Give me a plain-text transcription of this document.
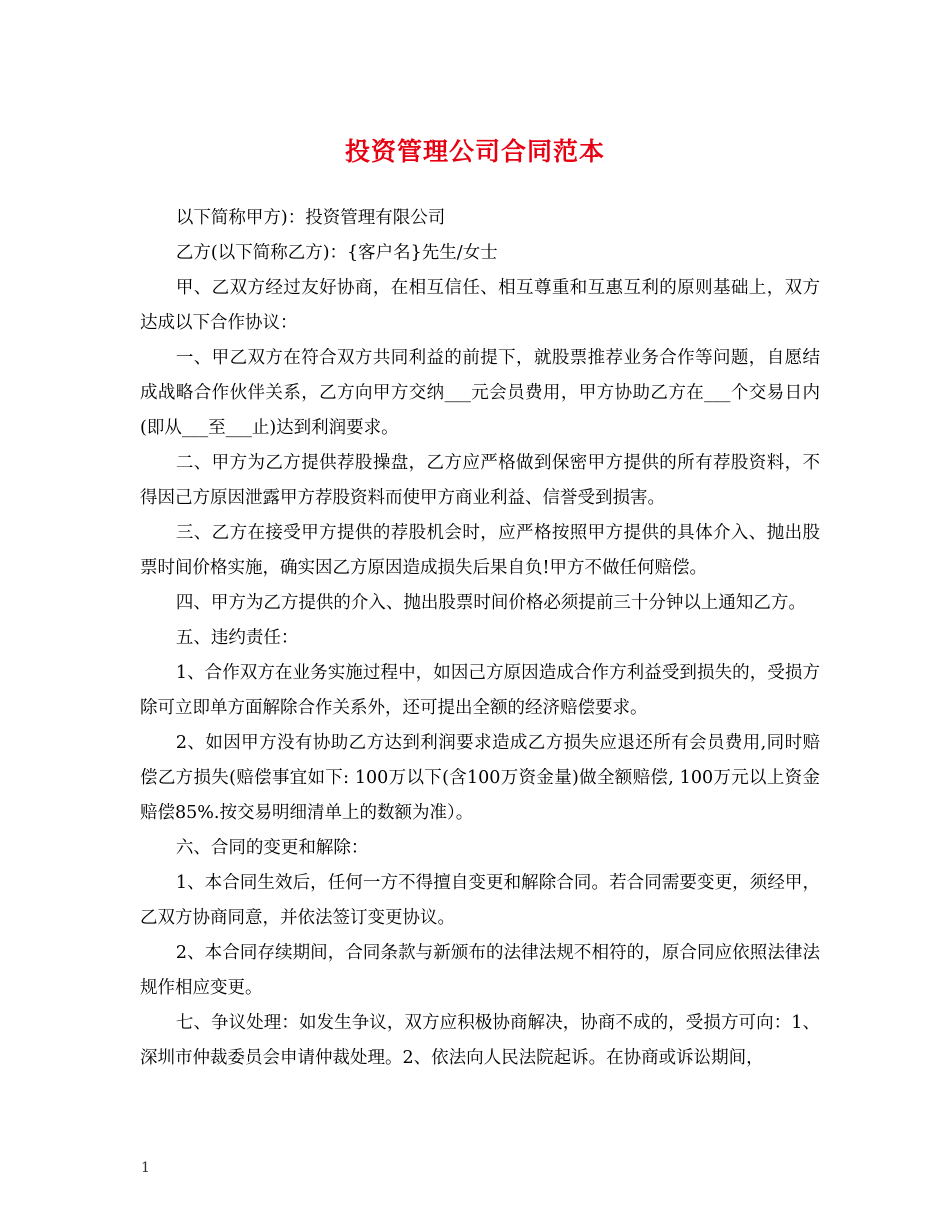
投资管理公司合同范本

以下简称甲方)：投资管理有限公司

乙方(以下简称乙方)：{客户名}先生/女士

甲、乙双方经过友好协商，在相互信任、相互尊重和互惠互利的原则基础上，双方达成以下合作协议：

一、甲乙双方在符合双方共同利益的前提下，就股票推荐业务合作等问题，自愿结成战略合作伙伴关系，乙方向甲方交纳___元会员费用，甲方协助乙方在___个交易日内(即从___至___止)达到利润要求。

二、甲方为乙方提供荐股操盘，乙方应严格做到保密甲方提供的所有荐股资料，不得因己方原因泄露甲方荐股资料而使甲方商业利益、信誉受到损害。

三、乙方在接受甲方提供的荐股机会时，应严格按照甲方提供的具体介入、抛出股票时间价格实施，确实因乙方原因造成损失后果自负!甲方不做任何赔偿。

四、甲方为乙方提供的介入、抛出股票时间价格必须提前三十分钟以上通知乙方。

五、违约责任：

1、合作双方在业务实施过程中，如因己方原因造成合作方利益受到损失的，受损方除可立即单方面解除合作关系外，还可提出全额的经济赔偿要求。

2、如因甲方没有协助乙方达到利润要求造成乙方损失应退还所有会员费用,同时赔偿乙方损失(赔偿事宜如下: 100万以下(含100万资金量)做全额赔偿, 100万元以上资金赔偿85%.按交易明细清单上的数额为准）。

六、合同的变更和解除：

1、本合同生效后，任何一方不得擅自变更和解除合同。若合同需要变更，须经甲，乙双方协商同意，并依法签订变更协议。

2、本合同存续期间，合同条款与新颁布的法律法规不相符的，原合同应依照法律法规作相应变更。

七、争议处理：如发生争议，双方应积极协商解决，协商不成的，受损方可向：1、深圳市仲裁委员会申请仲裁处理。2、依法向人民法院起诉。在协商或诉讼期间，

1
